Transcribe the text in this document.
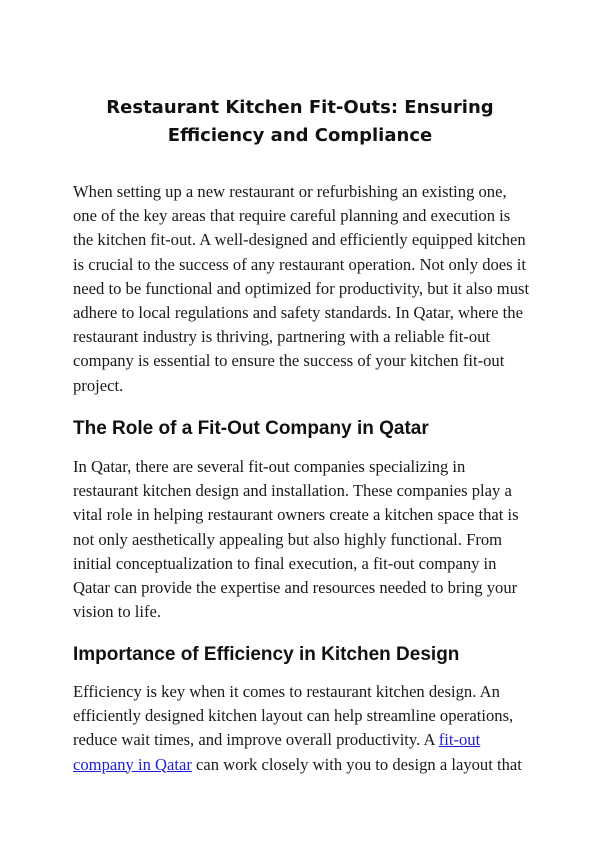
Restaurant Kitchen Fit-Outs: Ensuring Efficiency and Compliance

When setting up a new restaurant or refurbishing an existing one, one of the key areas that require careful planning and execution is the kitchen fit-out. A well-designed and efficiently equipped kitchen is crucial to the success of any restaurant operation. Not only does it need to be functional and optimized for productivity, but it also must adhere to local regulations and safety standards. In Qatar, where the restaurant industry is thriving, partnering with a reliable fit-out company is essential to ensure the success of your kitchen fit-out project.

The Role of a Fit-Out Company in Qatar

In Qatar, there are several fit-out companies specializing in restaurant kitchen design and installation. These companies play a vital role in helping restaurant owners create a kitchen space that is not only aesthetically appealing but also highly functional. From initial conceptualization to final execution, a fit-out company in Qatar can provide the expertise and resources needed to bring your vision to life.

Importance of Efficiency in Kitchen Design

Efficiency is key when it comes to restaurant kitchen design. An efficiently designed kitchen layout can help streamline operations, reduce wait times, and improve overall productivity. A fit-out company in Qatar can work closely with you to design a layout that
